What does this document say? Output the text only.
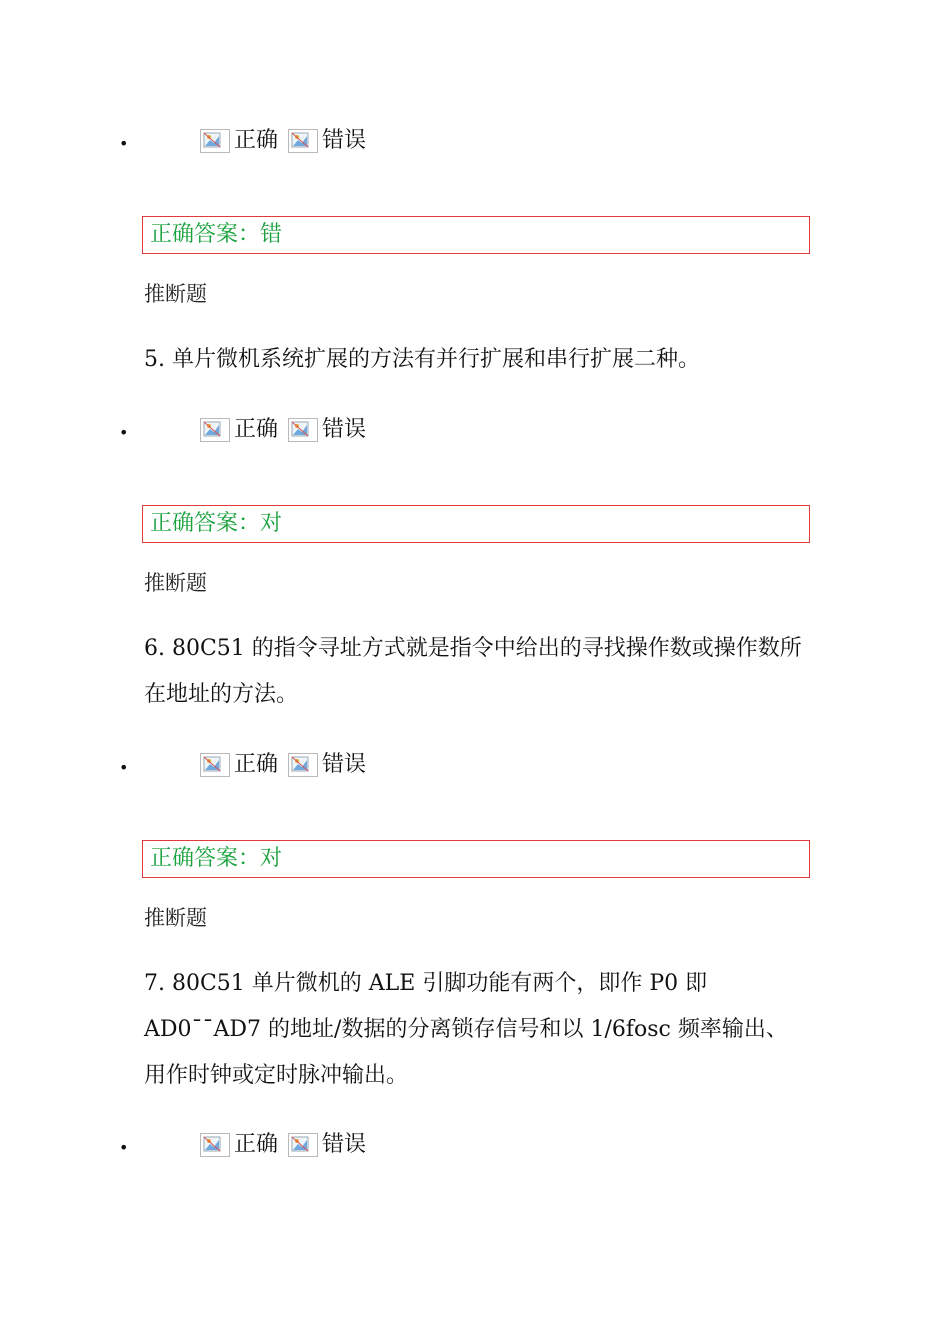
•	正确 错误
正确答案：错
推断题
5. 单片微机系统扩展的方法有并行扩展和串行扩展二种。
•	正确 错误
正确答案：对
推断题
6. 80C51 的指令寻址方式就是指令中给出的寻找操作数或操作数所在地址的方法。
•	正确 错误
正确答案：对
推断题
7. 80C51 单片微机的 ALE 引脚功能有两个，即作 P0 即 AD0¯¯AD7 的地址/数据的分离锁存信号和以 1/6fosc 频率输出、 用作时钟或定时脉冲输出。
•	正确 错误
